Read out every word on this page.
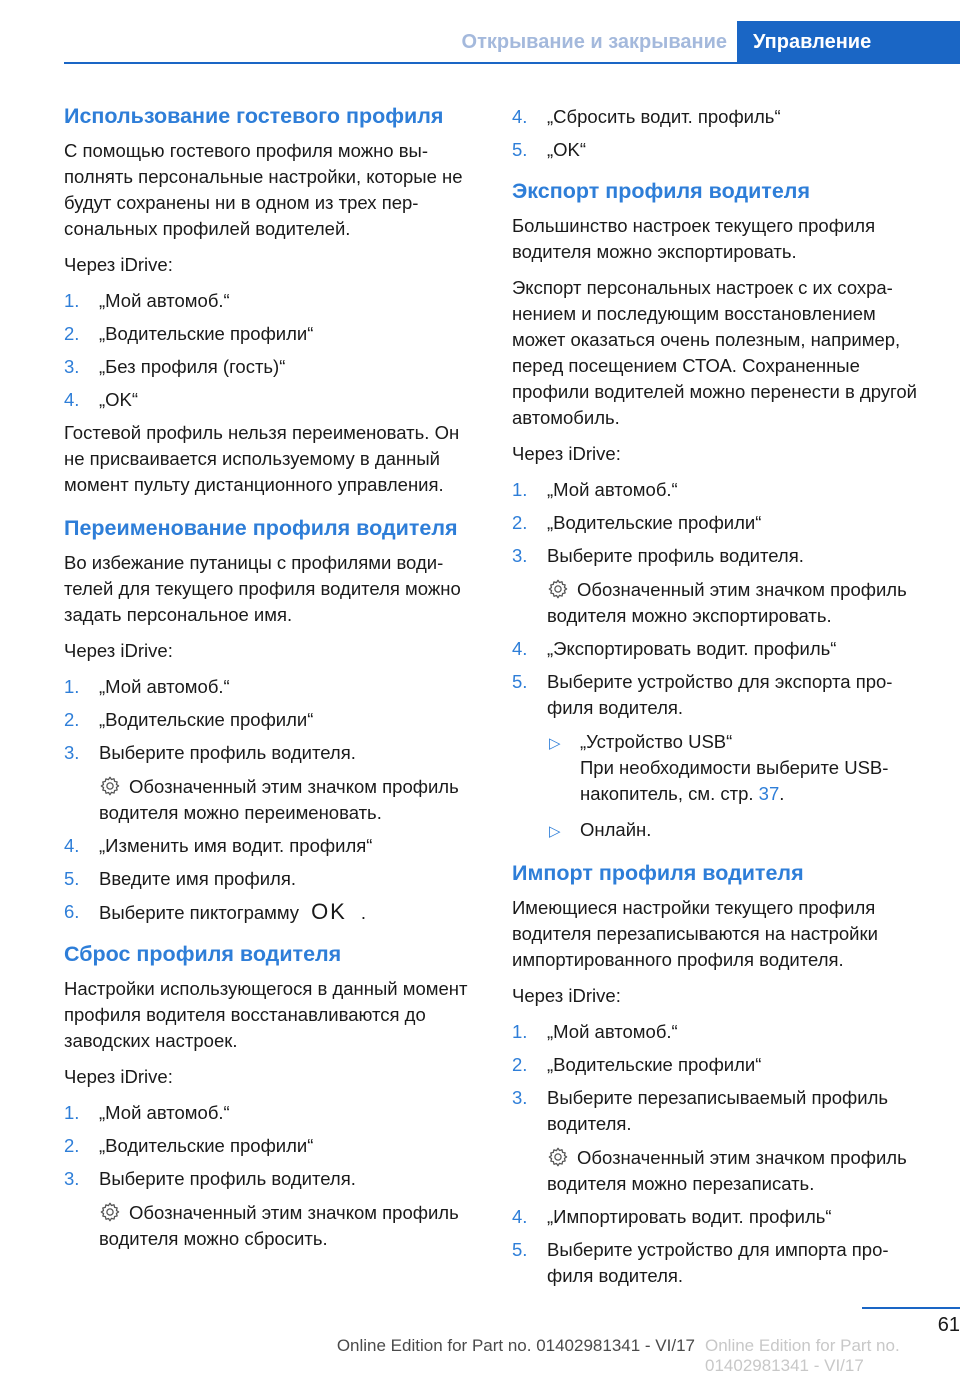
Открывание и закрывание	Управление
Использование гостевого профиля

С помощью гостевого профиля можно выполнять персональные настройки, которые не будут сохранены ни в одном из трех персональных профилей водителей.

Через iDrive:

1. „Мой автомоб.“
2. „Водительские профили“
3. „Без профиля (гость)“
4. „OK“

Гостевой профиль нельзя переименовать. Он не присваивается используемому в данный момент пульту дистанционного управления.

Переименование профиля водителя

Во избежание путаницы с профилями водителей для текущего профиля водителя можно задать персональное имя.

Через iDrive:

1. „Мой автомоб.“
2. „Водительские профили“
3. Выберите профиль водителя.
Обозначенный этим значком профиль водителя можно переименовать.
4. „Изменить имя водит. профиля“
5. Введите имя профиля.
6. Выберите пиктограмму OK .
Сброс профиля водителя

Настройки использующегося в данный момент профиля водителя восстанавливаются до заводских настроек.

Через iDrive:

1. „Мой автомоб.“
2. „Водительские профили“
3. Выберите профиль водителя.
Обозначенный этим значком профиль водителя можно сбросить.
4. „Сбросить водит. профиль“
5. „OK“
Экспорт профиля водителя

Большинство настроек текущего профиля водителя можно экспортировать.

Экспорт персональных настроек с их сохранением и последующим восстановлением может оказаться очень полезным, например, перед посещением СТОА. Сохраненные профили водителей можно перенести в другой автомобиль.

Через iDrive:

1. „Мой автомоб.“
2. „Водительские профили“
3. Выберите профиль водителя.
Обозначенный этим значком профиль водителя можно экспортировать.
4. „Экспортировать водит. профиль“
5. Выберите устройство для экспорта профиля водителя.
▷ „Устройство USB“
При необходимости выберите USB-накопитель, см. стр. 37.
▷ Онлайн.
Импорт профиля водителя

Имеющиеся настройки текущего профиля водителя перезаписываются на настройки импортированного профиля водителя.

Через iDrive:

1. „Мой автомоб.“
2. „Водительские профили“
3. Выберите перезаписываемый профиль водителя.
Обозначенный этим значком профиль водителя можно перезаписать.
4. „Импортировать водит. профиль“
5. Выберите устройство для импорта профиля водителя.
61
Online Edition for Part no. 01402981341 - VI/17 Online Edition for Part no. 01402981341 - VI/17
